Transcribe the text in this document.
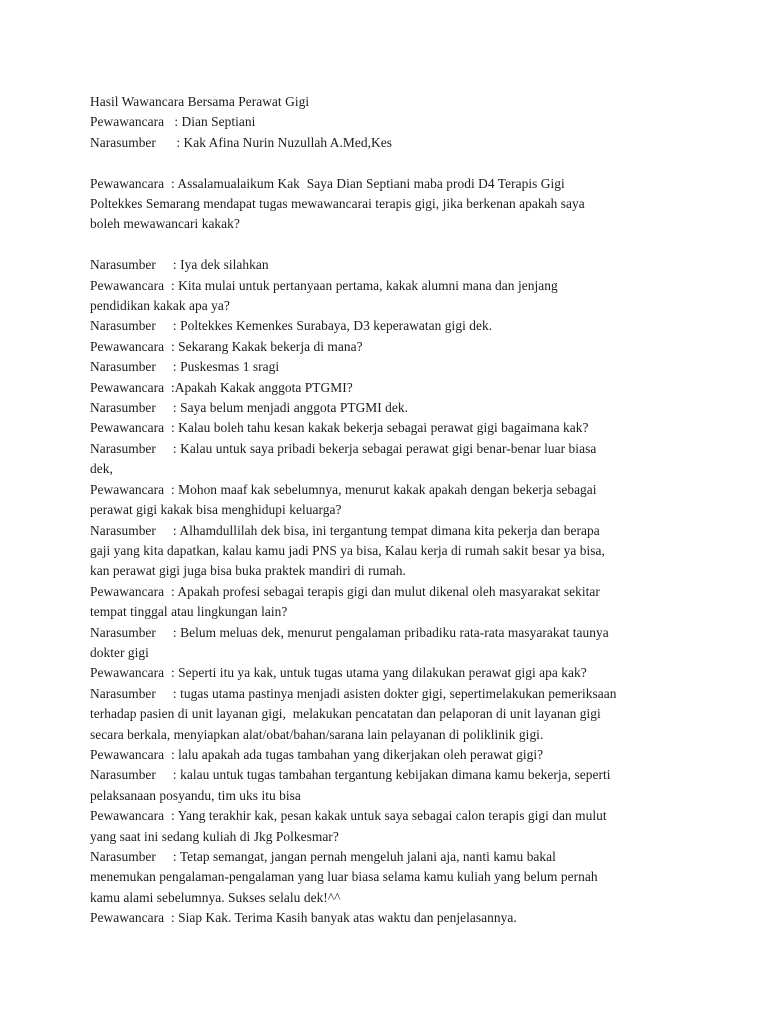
Hasil Wawancara Bersama Perawat Gigi
Pewawancara   : Dian Septiani
Narasumber      : Kak Afina Nurin Nuzullah A.Med,Kes
Pewawancara  : Assalamualaikum Kak  Saya Dian Septiani maba prodi D4 Terapis Gigi
Poltekkes Semarang mendapat tugas mewawancarai terapis gigi, jika berkenan apakah saya
boleh mewawancari kakak?
Narasumber     : Iya dek silahkan
Pewawancara  : Kita mulai untuk pertanyaan pertama, kakak alumni mana dan jenjang
pendidikan kakak apa ya?
Narasumber     : Poltekkes Kemenkes Surabaya, D3 keperawatan gigi dek.
Pewawancara  : Sekarang Kakak bekerja di mana?
Narasumber     : Puskesmas 1 sragi
Pewawancara  :Apakah Kakak anggota PTGMI?
Narasumber     : Saya belum menjadi anggota PTGMI dek.
Pewawancara  : Kalau boleh tahu kesan kakak bekerja sebagai perawat gigi bagaimana kak?
Narasumber     : Kalau untuk saya pribadi bekerja sebagai perawat gigi benar-benar luar biasa
dek,
Pewawancara  : Mohon maaf kak sebelumnya, menurut kakak apakah dengan bekerja sebagai
perawat gigi kakak bisa menghidupi keluarga?
Narasumber     : Alhamdullilah dek bisa, ini tergantung tempat dimana kita pekerja dan berapa
gaji yang kita dapatkan, kalau kamu jadi PNS ya bisa, Kalau kerja di rumah sakit besar ya bisa,
kan perawat gigi juga bisa buka praktek mandiri di rumah.
Pewawancara  : Apakah profesi sebagai terapis gigi dan mulut dikenal oleh masyarakat sekitar
tempat tinggal atau lingkungan lain?
Narasumber     : Belum meluas dek, menurut pengalaman pribadiku rata-rata masyarakat taunya
dokter gigi
Pewawancara  : Seperti itu ya kak, untuk tugas utama yang dilakukan perawat gigi apa kak?
Narasumber     : tugas utama pastinya menjadi asisten dokter gigi, sepertimelakukan pemeriksaan
terhadap pasien di unit layanan gigi,  melakukan pencatatan dan pelaporan di unit layanan gigi
secara berkala, menyiapkan alat/obat/bahan/sarana lain pelayanan di poliklinik gigi.
Pewawancara  : lalu apakah ada tugas tambahan yang dikerjakan oleh perawat gigi?
Narasumber     : kalau untuk tugas tambahan tergantung kebijakan dimana kamu bekerja, seperti
pelaksanaan posyandu, tim uks itu bisa
Pewawancara  : Yang terakhir kak, pesan kakak untuk saya sebagai calon terapis gigi dan mulut
yang saat ini sedang kuliah di Jkg Polkesmar?
Narasumber     : Tetap semangat, jangan pernah mengeluh jalani aja, nanti kamu bakal
menemukan pengalaman-pengalaman yang luar biasa selama kamu kuliah yang belum pernah
kamu alami sebelumnya. Sukses selalu dek!^^
Pewawancara  : Siap Kak. Terima Kasih banyak atas waktu dan penjelasannya.
